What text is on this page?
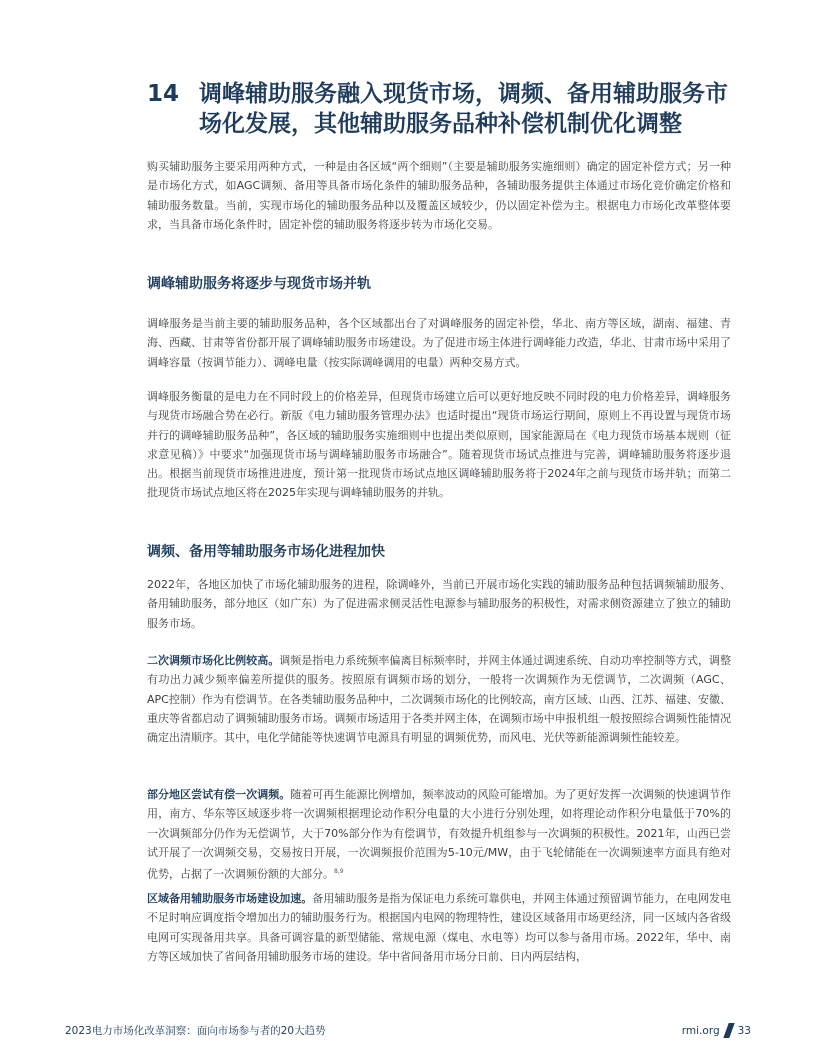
14 调峰辅助服务融入现货市场，调频、备用辅助服务市场化发展，其他辅助服务品种补偿机制优化调整

购买辅助服务主要采用两种方式，一种是由各区域“两个细则”（主要是辅助服务实施细则）确定的固定补偿方式；另一种是市场化方式，如AGC调频、备用等具备市场化条件的辅助服务品种，各辅助服务提供主体通过市场化竞价确定价格和辅助服务数量。当前，实现市场化的辅助服务品种以及覆盖区域较少，仍以固定补偿为主。根据电力市场化改革整体要求，当具备市场化条件时，固定补偿的辅助服务将逐步转为市场化交易。

调峰辅助服务将逐步与现货市场并轨

调峰服务是当前主要的辅助服务品种，各个区域都出台了对调峰服务的固定补偿，华北、南方等区域，湖南、福建、青海、西藏、甘肃等省份都开展了调峰辅助服务市场建设。为了促进市场主体进行调峰能力改造，华北、甘肃市场中采用了调峰容量（按调节能力）、调峰电量（按实际调峰调用的电量）两种交易方式。

调峰服务衡量的是电力在不同时段上的价格差异，但现货市场建立后可以更好地反映不同时段的电力价格差异，调峰服务与现货市场融合势在必行。新版《电力辅助服务管理办法》也适时提出“现货市场运行期间，原则上不再设置与现货市场并行的调峰辅助服务品种”，各区域的辅助服务实施细则中也提出类似原则，国家能源局在《电力现货市场基本规则（征求意见稿）》中要求“加强现货市场与调峰辅助服务市场融合”。随着现货市场试点推进与完善，调峰辅助服务将逐步退出。根据当前现货市场推进进度，预计第一批现货市场试点地区调峰辅助服务将于2024年之前与现货市场并轨；而第二批现货市场试点地区将在2025年实现与调峰辅助服务的并轨。

调频、备用等辅助服务市场化进程加快

2022年，各地区加快了市场化辅助服务的进程，除调峰外，当前已开展市场化实践的辅助服务品种包括调频辅助服务、备用辅助服务，部分地区（如广东）为了促进需求侧灵活性电源参与辅助服务的积极性，对需求侧资源建立了独立的辅助服务市场。

二次调频市场化比例较高。调频是指电力系统频率偏离目标频率时，并网主体通过调速系统、自动功率控制等方式，调整有功出力减少频率偏差所提供的服务。按照原有调频市场的划分，一般将一次调频作为无偿调节，二次调频（AGC、APC控制）作为有偿调节。在各类辅助服务品种中，二次调频市场化的比例较高，南方区域、山西、江苏、福建、安徽、重庆等省都启动了调频辅助服务市场。调频市场适用于各类并网主体，在调频市场中申报机组一般按照综合调频性能情况确定出清顺序。其中，电化学储能等快速调节电源具有明显的调频优势，而风电、光伏等新能源调频性能较差。

部分地区尝试有偿一次调频。随着可再生能源比例增加，频率波动的风险可能增加。为了更好发挥一次调频的快速调节作用，南方、华东等区域逐步将一次调频根据理论动作积分电量的大小进行分别处理，如将理论动作积分电量低于70%的一次调频部分仍作为无偿调节，大于70%部分作为有偿调节，有效提升机组参与一次调频的积极性。2021年，山西已尝试开展了一次调频交易，交易按日开展，一次调频报价范围为5-10元/MW，由于飞轮储能在一次调频速率方面具有绝对优势，占据了一次调频份额的大部分。$^{8,9}$

区域备用辅助服务市场建设加速。备用辅助服务是指为保证电力系统可靠供电，并网主体通过预留调节能力，在电网发电不足时响应调度指令增加出力的辅助服务行为。根据国内电网的物理特性，建设区域备用市场更经济，同一区域内各省级电网可实现备用共享。具备可调容量的新型储能、常规电源（煤电、水电等）均可以参与备用市场。2022年，华中、南方等区域加快了省间备用辅助服务市场的建设。华中省间备用市场分日前、日内两层结构，

2023电力市场化改革洞察：面向市场参与者的20大趋势	rmi.org 33
